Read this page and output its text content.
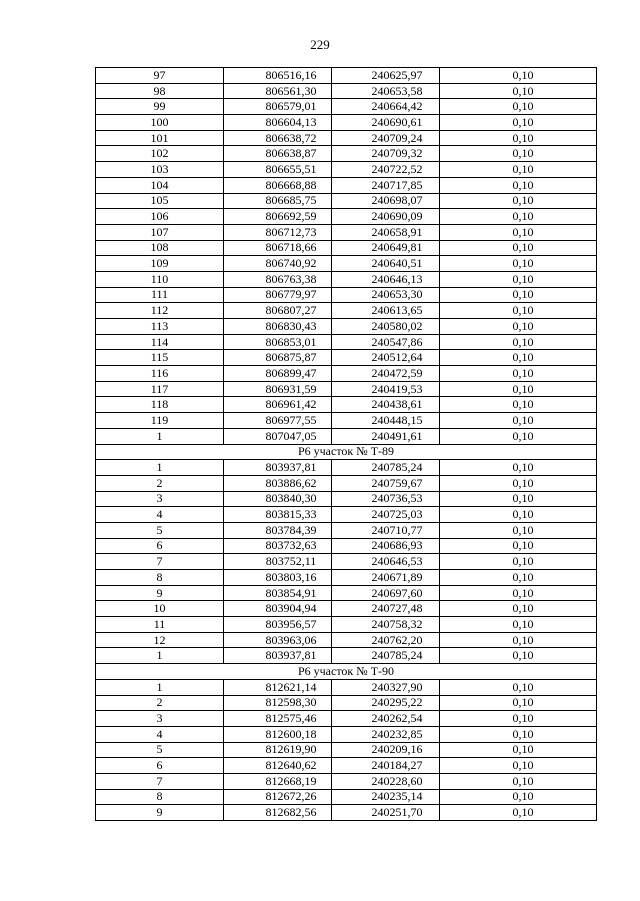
229
97	806516,16	240625,97	0,10
98	806561,30	240653,58	0,10
99	806579,01	240664,42	0,10
100	806604,13	240690,61	0,10
101	806638,72	240709,24	0,10
102	806638,87	240709,32	0,10
103	806655,51	240722,52	0,10
104	806668,88	240717,85	0,10
105	806685,75	240698,07	0,10
106	806692,59	240690,09	0,10
107	806712,73	240658,91	0,10
108	806718,66	240649,81	0,10
109	806740,92	240640,51	0,10
110	806763,38	240646,13	0,10
111	806779,97	240653,30	0,10
112	806807,27	240613,65	0,10
113	806830,43	240580,02	0,10
114	806853,01	240547,86	0,10
115	806875,87	240512,64	0,10
116	806899,47	240472,59	0,10
117	806931,59	240419,53	0,10
118	806961,42	240438,61	0,10
119	806977,55	240448,15	0,10
1	807047,05	240491,61	0,10
Р6 участок № Т-89			
1	803937,81	240785,24	0,10
2	803886,62	240759,67	0,10
3	803840,30	240736,53	0,10
4	803815,33	240725,03	0,10
5	803784,39	240710,77	0,10
6	803732,63	240686,93	0,10
7	803752,11	240646,53	0,10
8	803803,16	240671,89	0,10
9	803854,91	240697,60	0,10
10	803904,94	240727,48	0,10
11	803956,57	240758,32	0,10
12	803963,06	240762,20	0,10
1	803937,81	240785,24	0,10
Р6 участок № Т-90			
1	812621,14	240327,90	0,10
2	812598,30	240295,22	0,10
3	812575,46	240262,54	0,10
4	812600,18	240232,85	0,10
5	812619,90	240209,16	0,10
6	812640,62	240184,27	0,10
7	812668,19	240228,60	0,10
8	812672,26	240235,14	0,10
9	812682,56	240251,70	0,10
